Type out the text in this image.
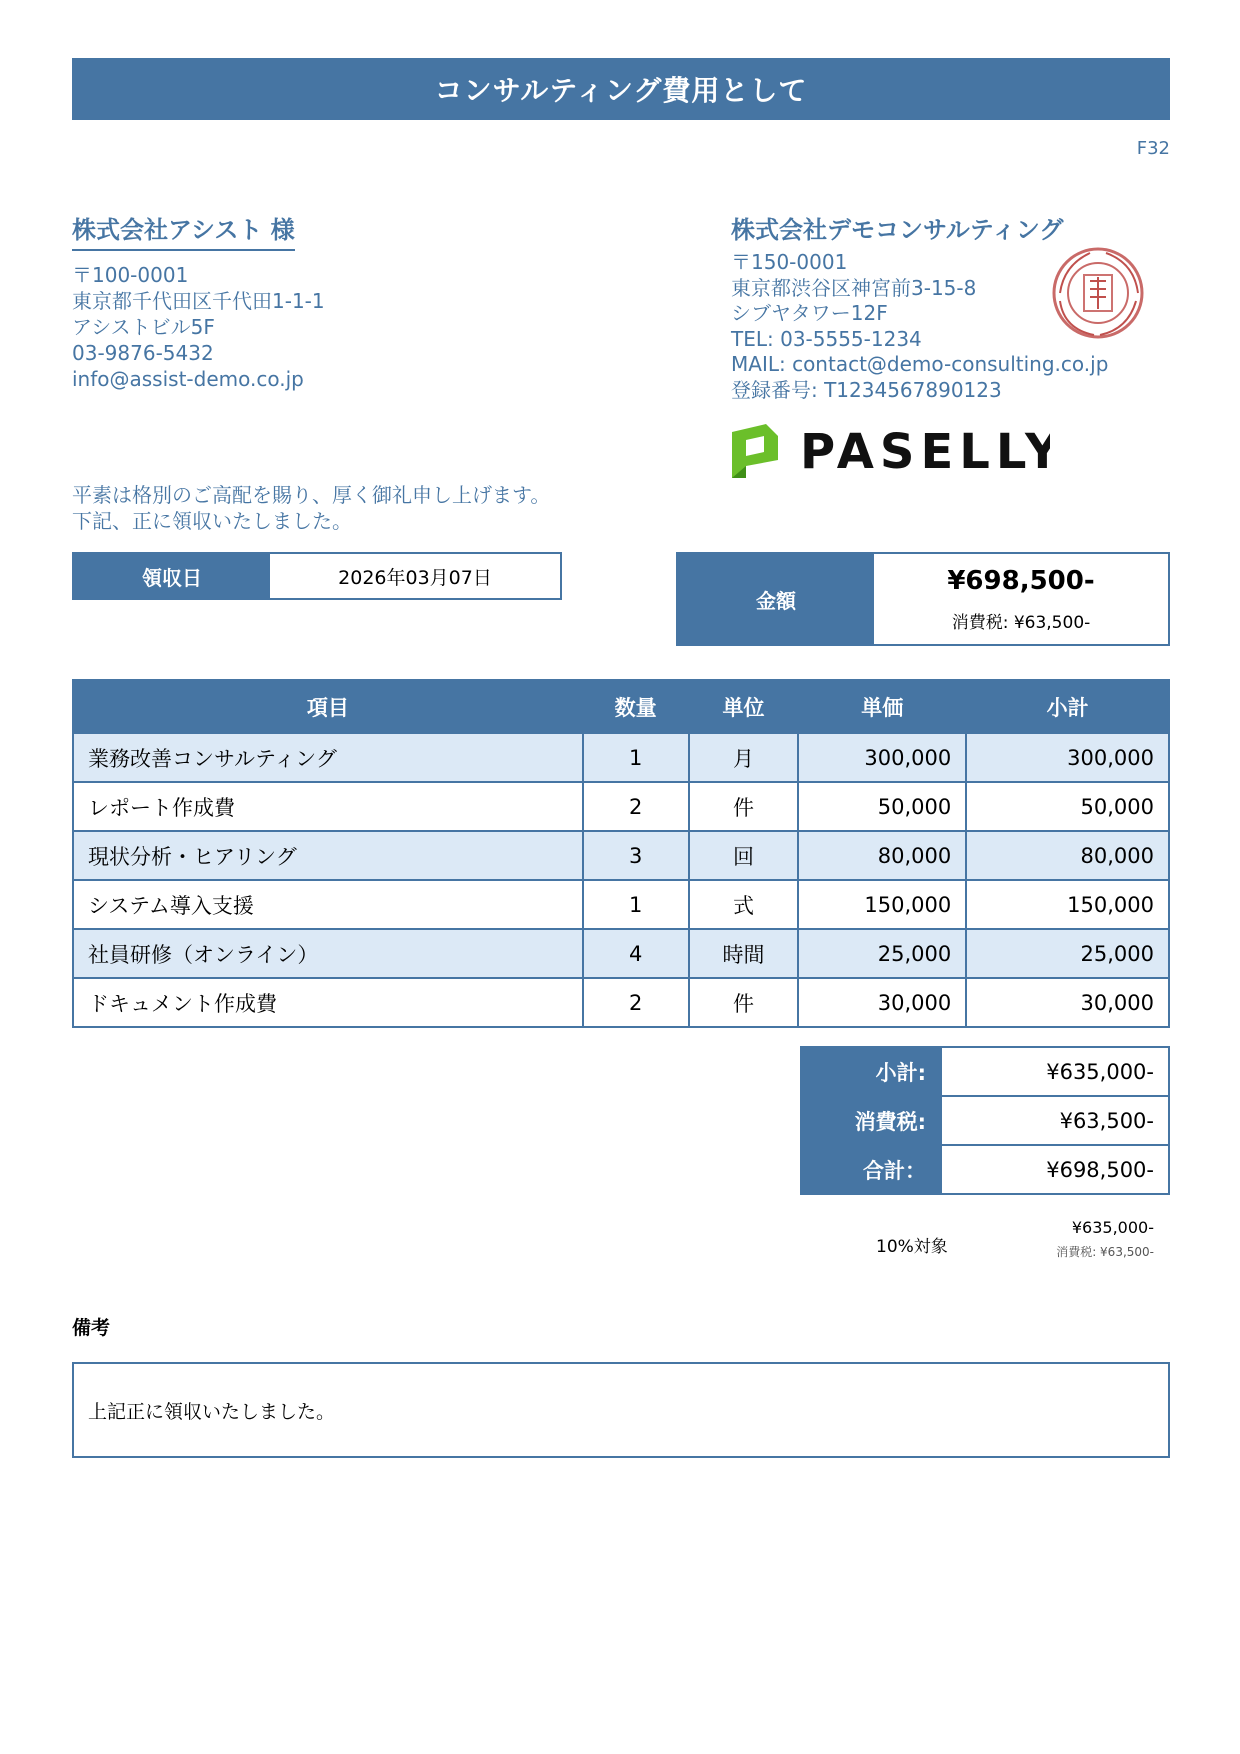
コンサルティング費用として
F32
株式会社アシスト 様
〒100-0001
東京都千代田区千代田1-1-1
アシストビル5F
03-9876-5432
info@assist-demo.co.jp
株式会社デモコンサルティング
〒150-0001
東京都渋谷区神宮前3-15-8
シブヤタワー12F
TEL: 03-5555-1234
MAIL: contact@demo-consulting.co.jp
登録番号: T1234567890123
PASELLY
平素は格別のご高配を賜り、厚く御礼申し上げます。
下記、正に領収いたしました。
領収日	2026年03月07日
金額
¥698,500-
消費税: ¥63,500-
項目	数量	単位	単価	小計
業務改善コンサルティング	1	月	300,000	300,000
レポート作成費	2	件	50,000	50,000
現状分析・ヒアリング	3	回	80,000	80,000
システム導入支援	1	式	150,000	150,000
社員研修（オンライン）	4	時間	25,000	25,000
ドキュメント作成費	2	件	30,000	30,000
小計:	¥635,000-
消費税:	¥63,500-
合計：	¥698,500-
10%対象
¥635,000-
消費税: ¥63,500-
備考
上記正に領収いたしました。
